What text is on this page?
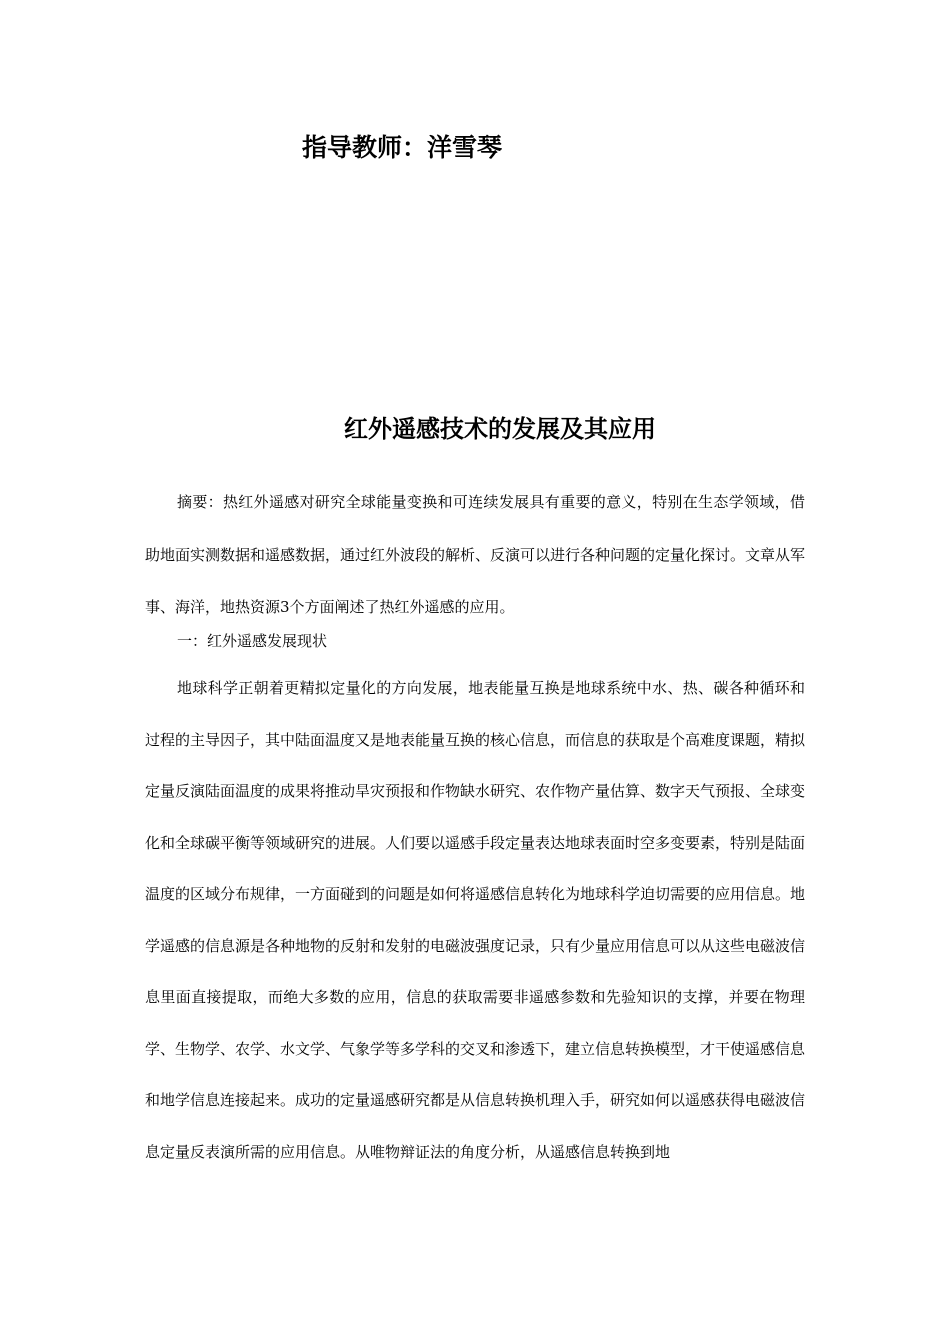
指导教师：洋雪琴
红外遥感技术的发展及其应用

摘要：热红外遥感对研究全球能量变换和可连续发展具有重要的意义，特别在生态学领域，借助地面实测数据和遥感数据，通过红外波段的解析、反演可以进行各种问题的定量化探讨。文章从军事、海洋，地热资源3个方面阐述了热红外遥感的应用。

一：红外遥感发展现状

地球科学正朝着更精拟定量化的方向发展，地表能量互换是地球系统中水、热、碳各种循环和过程的主导因子，其中陆面温度又是地表能量互换的核心信息，而信息的获取是个高难度课题，精拟定量反演陆面温度的成果将推动旱灾预报和作物缺水研究、农作物产量估算、数字天气预报、全球变化和全球碳平衡等领域研究的进展。人们要以遥感手段定量表达地球表面时空多变要素，特别是陆面温度的区域分布规律，一方面碰到的问题是如何将遥感信息转化为地球科学迫切需要的应用信息。地学遥感的信息源是各种地物的反射和发射的电磁波强度记录，只有少量应用信息可以从这些电磁波信息里面直接提取，而绝大多数的应用，信息的获取需要非遥感参数和先验知识的支撑，并要在物理学、生物学、农学、水文学、气象学等多学科的交叉和渗透下，建立信息转换模型，才干使遥感信息和地学信息连接起来。成功的定量遥感研究都是从信息转换机理入手，研究如何以遥感获得电磁波信息定量反表演所需的应用信息。从唯物辩证法的角度分析，从遥感信息转换到地
